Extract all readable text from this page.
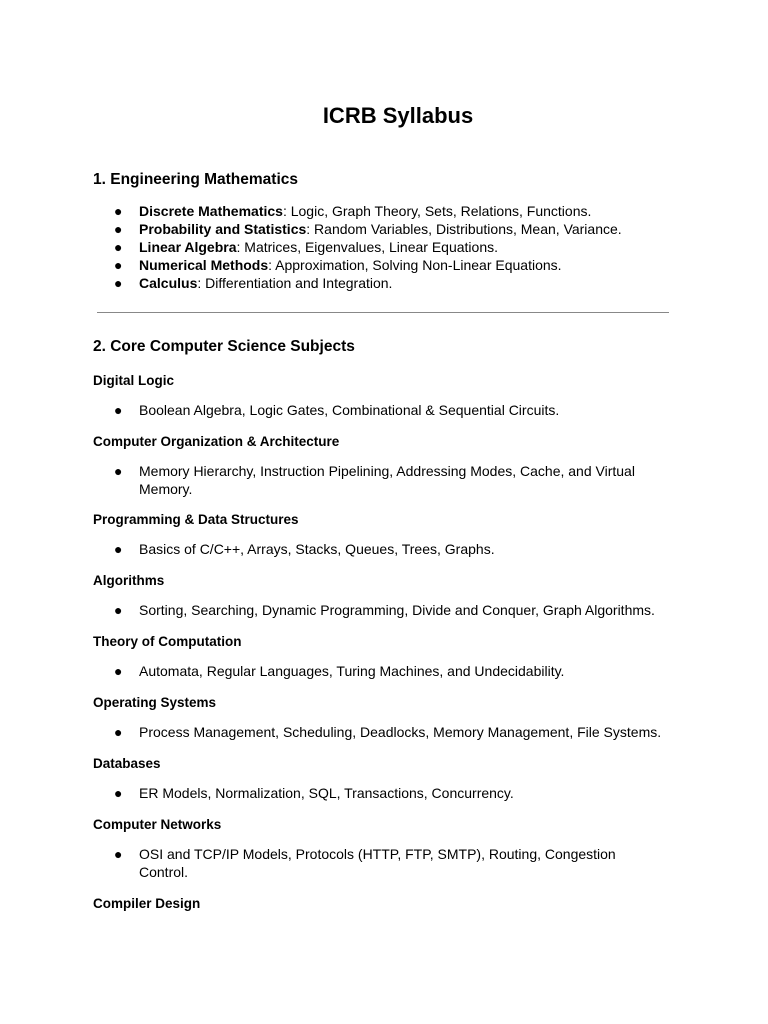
ICRB Syllabus
1. Engineering Mathematics
● Discrete Mathematics: Logic, Graph Theory, Sets, Relations, Functions.
● Probability and Statistics: Random Variables, Distributions, Mean, Variance.
● Linear Algebra: Matrices, Eigenvalues, Linear Equations.
● Numerical Methods: Approximation, Solving Non-Linear Equations.
● Calculus: Differentiation and Integration.
2. Core Computer Science Subjects
Digital Logic
● Boolean Algebra, Logic Gates, Combinational & Sequential Circuits.
Computer Organization & Architecture
● Memory Hierarchy, Instruction Pipelining, Addressing Modes, Cache, and Virtual Memory.
Programming & Data Structures
● Basics of C/C++, Arrays, Stacks, Queues, Trees, Graphs.
Algorithms
● Sorting, Searching, Dynamic Programming, Divide and Conquer, Graph Algorithms.
Theory of Computation
● Automata, Regular Languages, Turing Machines, and Undecidability.
Operating Systems
● Process Management, Scheduling, Deadlocks, Memory Management, File Systems.
Databases
● ER Models, Normalization, SQL, Transactions, Concurrency.
Computer Networks
● OSI and TCP/IP Models, Protocols (HTTP, FTP, SMTP), Routing, Congestion Control.
Compiler Design
